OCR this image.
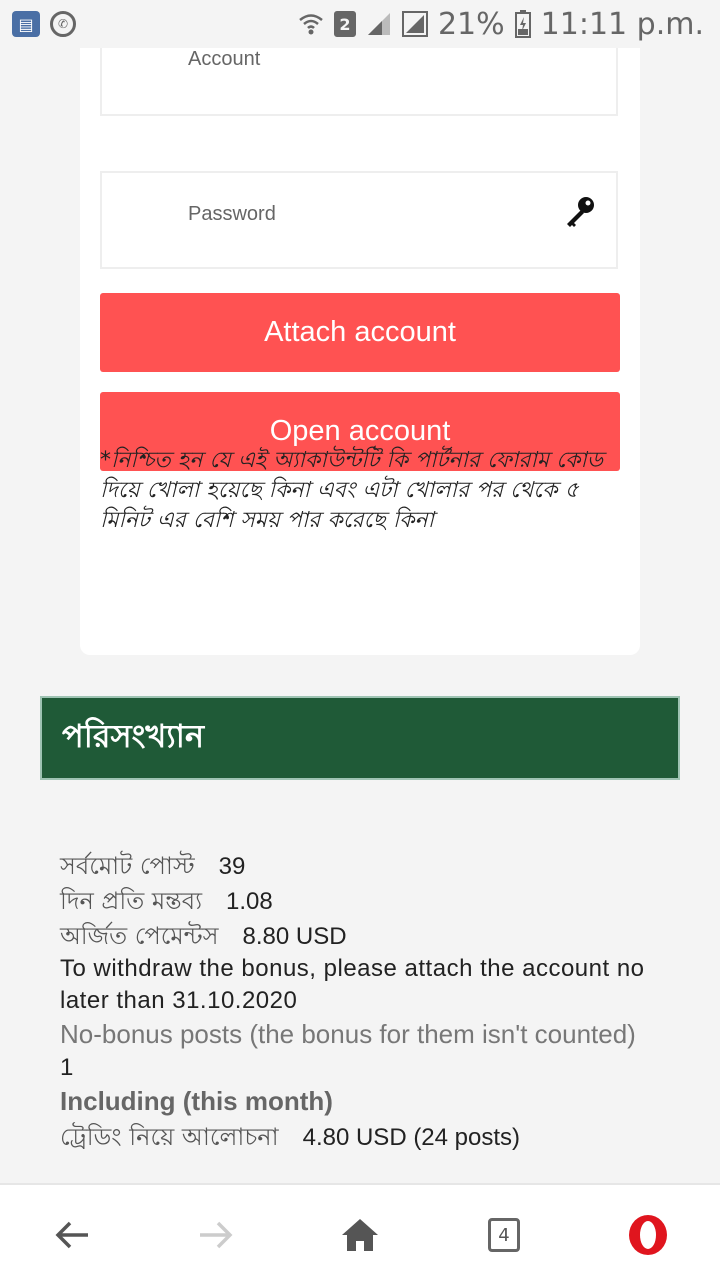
▤	✆	2	21% 11:11 p.m.
Account
Password
Attach account
Open account
*নিশ্চিত হন যে এই অ্যাকাউন্টটি কি পার্টনার ফোরাম কোড দিয়ে খোলা হয়েছে কিনা এবং এটা খোলার পর থেকে ৫ মিনিট এর বেশি সময় পার করেছে কিনা
পরিসংখ্যান
সর্বমোট পোস্ট 39
দিন প্রতি মন্তব্য 1.08
অর্জিত পেমেন্টস 8.80 USD
To withdraw the bonus, please attach the account no later than 31.10.2020
No-bonus posts (the bonus for them isn't counted)
1
Including (this month)
ট্রেডিং নিয়ে আলোচনা 4.80 USD (24 posts)
4
